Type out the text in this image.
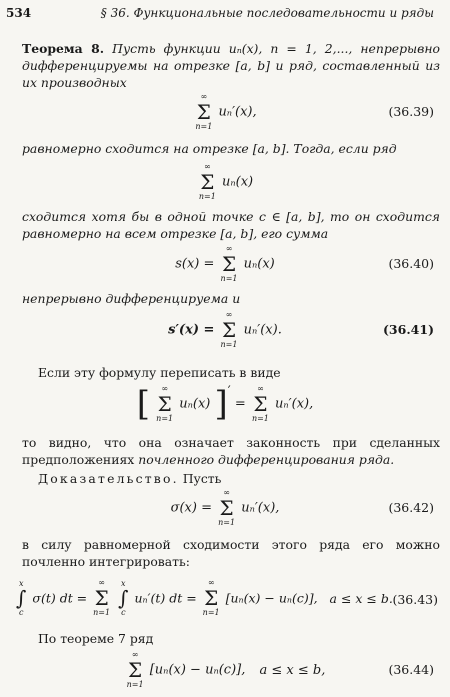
534	§ 36. Функциональные последовательности и ряды
Теорема 8. Пусть функции uₙ(x), n = 1, 2,..., непрерывно дифференцируемы на отрезке [a, b] и ряд, составленный из их производных
∞
Σ
n=1
uₙ′(x),	(36.39)
равномерно сходится на отрезке [a, b]. Тогда, если ряд
∞
Σ
n=1
uₙ(x)
сходится хотя бы в одной точке c ∈ [a, b], то он сходится равномерно на всем отрезке [a, b], его сумма
s(x) =
∞
Σ
n=1
uₙ(x)	(36.40)
непрерывно дифференцируема и
s′(x) =
∞
Σ
n=1
uₙ′(x).	(36.41)
Если эту формулу переписать в виде
[	∞
Σ
n=1
uₙ(x) ]′ =
∞
Σ
n=1
uₙ′(x),
то видно, что она означает законность при сделанных предположениях почленного дифференцирования ряда.
Доказательство. Пусть
σ(x) =
∞
Σ
n=1
uₙ′(x),	(36.42)
в силу равномерной сходимости этого ряда его можно почленно интегрировать:
x
∫
c
σ(t) dt =
∞
Σ
n=1

x
∫
c
uₙ′(t) dt =
∞
Σ
n=1
[uₙ(x) − uₙ(c)], a ≤ x ≤ b. (36.43)
По теореме 7 ряд
∞
Σ
n=1
[uₙ(x) − uₙ(c)], a ≤ x ≤ b,	(36.44)
